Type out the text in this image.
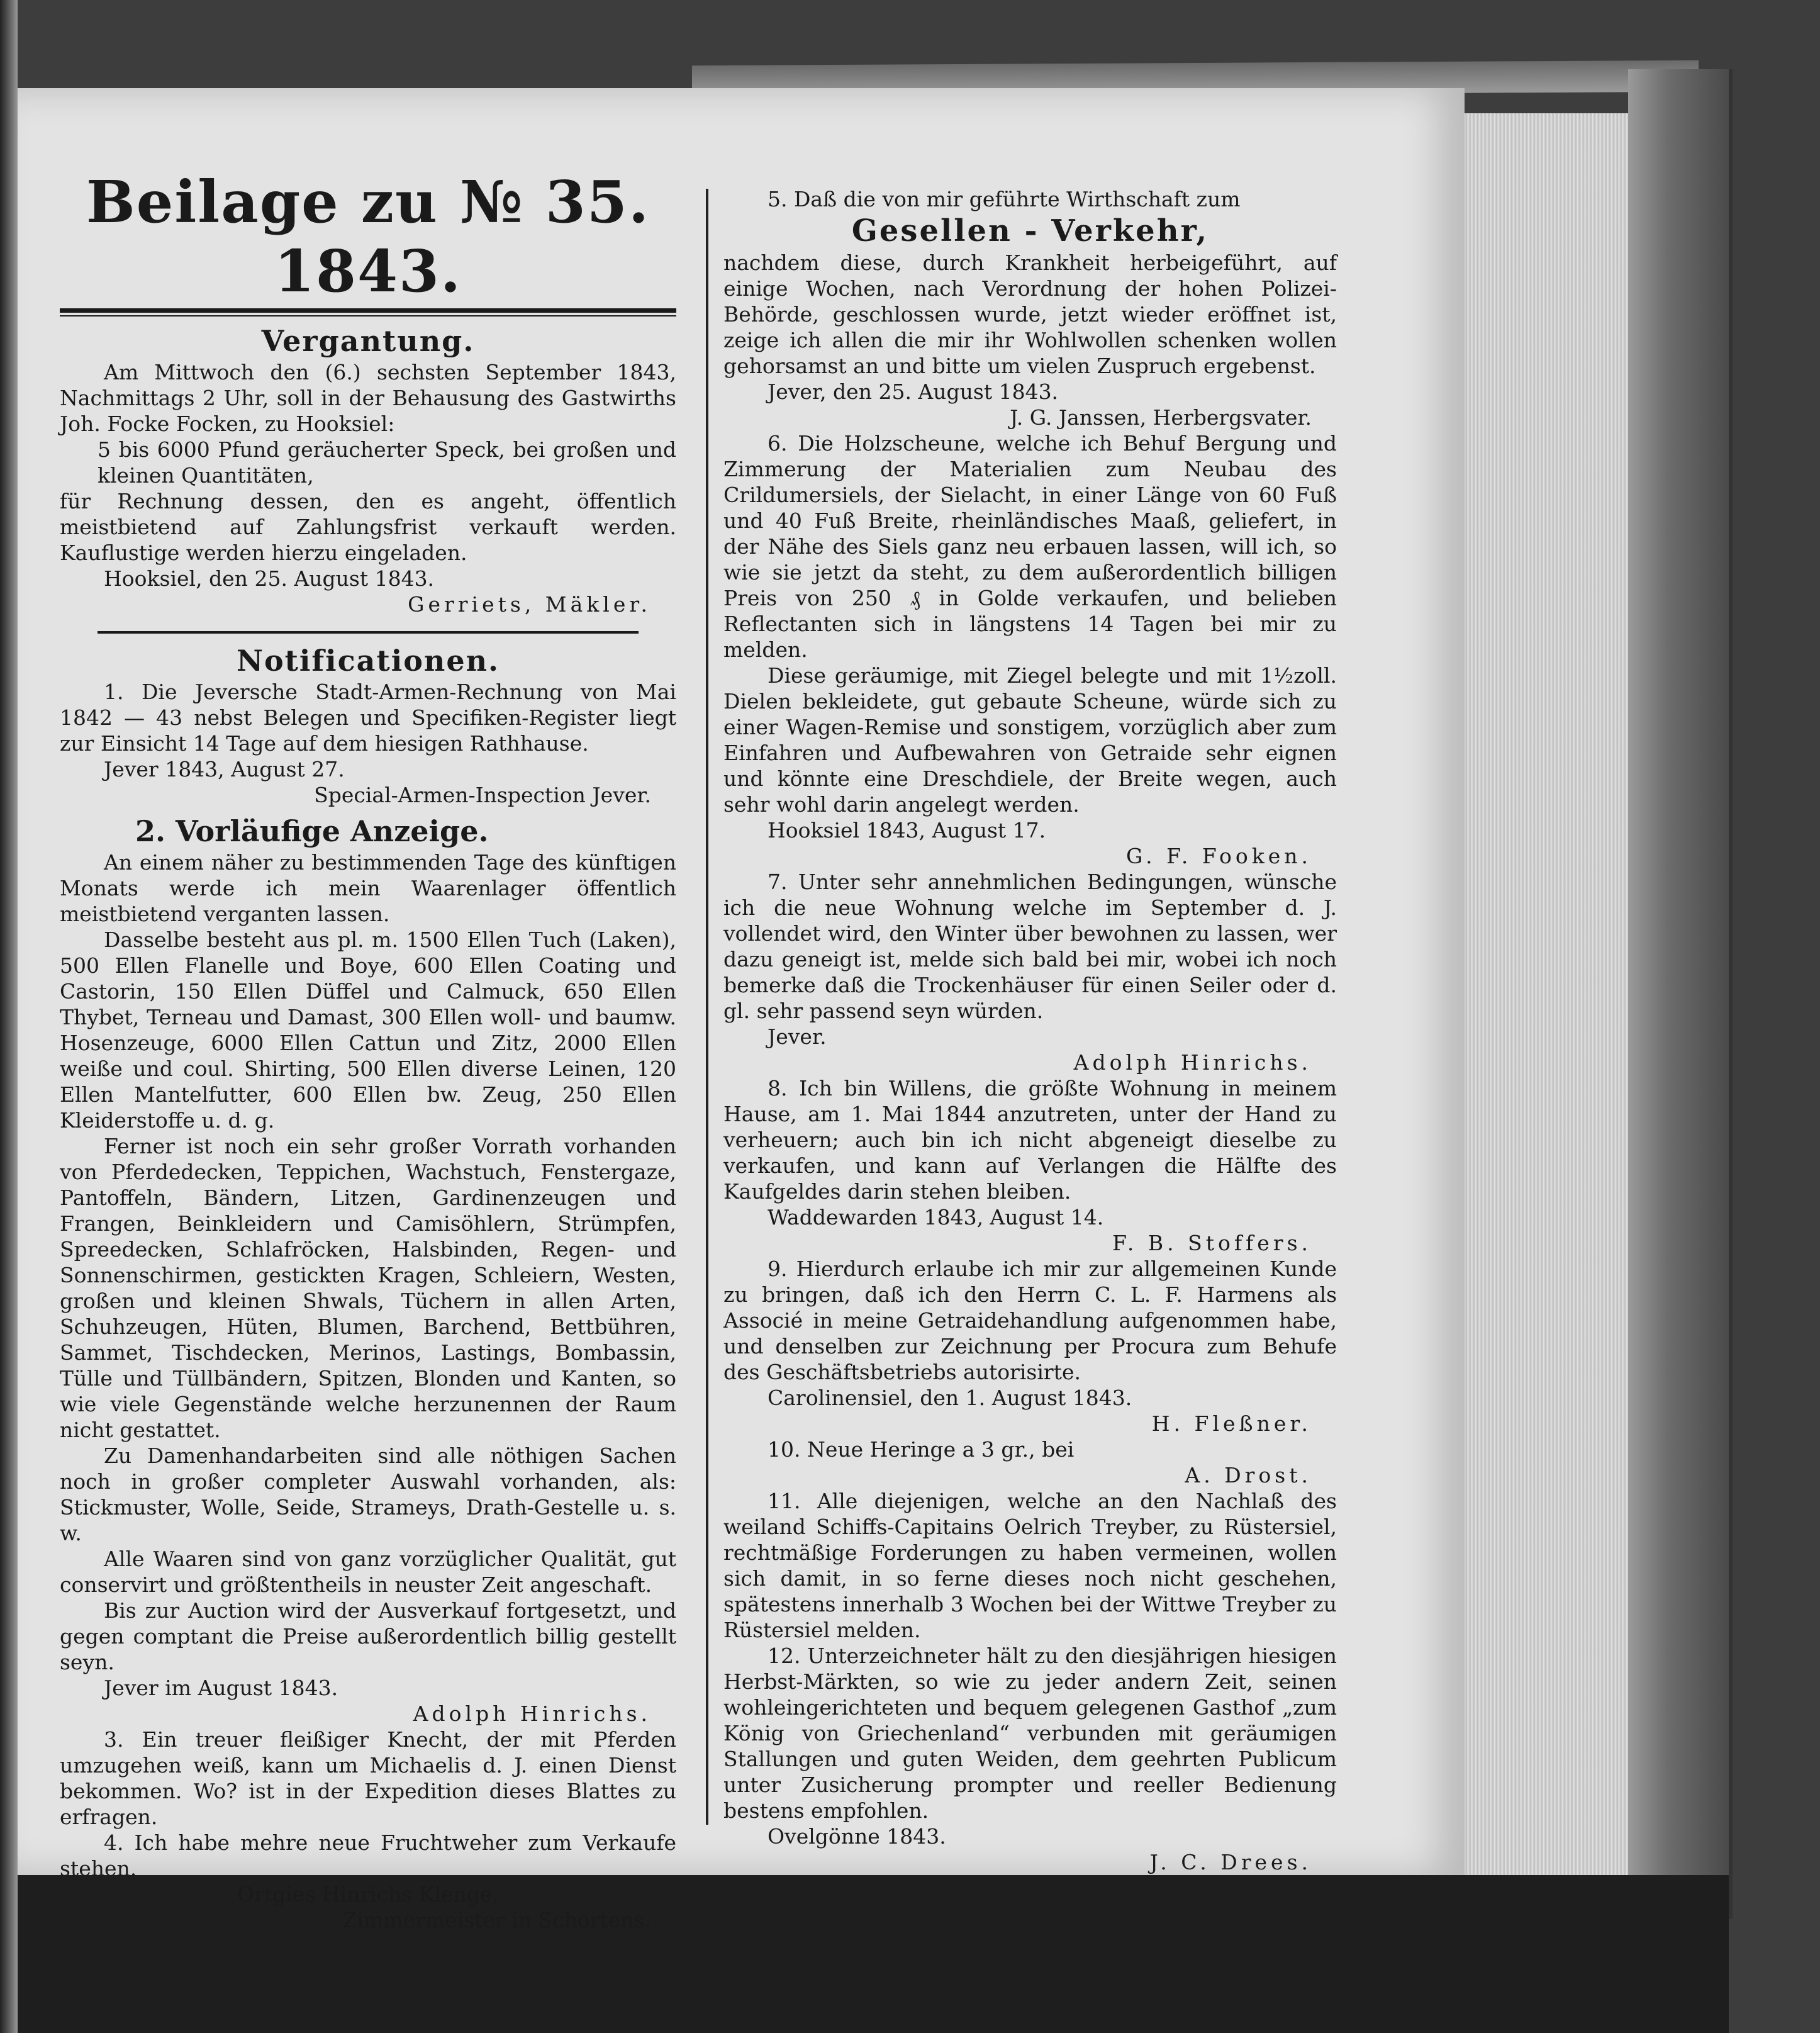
Beilage zu № 35. 1843.
Vergantung.

Am Mittwoch den (6.) sechsten September 1843, Nachmittags 2 Uhr, soll in der Behausung des Gastwirths Joh. Focke Focken, zu Hooksiel:

5 bis 6000 Pfund geräucherter Speck, bei großen und kleinen Quantitäten,

für Rechnung dessen, den es angeht, öffentlich meistbietend auf Zahlungsfrist verkauft werden. Kauflustige werden hierzu eingeladen.

Hooksiel, den 25. August 1843.

Gerriets, Mäkler.

Notificationen.

1. Die Jeversche Stadt-Armen-Rechnung von Mai 1842 — 43 nebst Belegen und Specifiken-Register liegt zur Einsicht 14 Tage auf dem hiesigen Rathhause.

Jever 1843, August 27.

Special-Armen-Inspection Jever.

2. Vorläufige Anzeige.

An einem näher zu bestimmenden Tage des künftigen Monats werde ich mein Waarenlager öffentlich meistbietend verganten lassen.

Dasselbe besteht aus pl. m. 1500 Ellen Tuch (Laken), 500 Ellen Flanelle und Boye, 600 Ellen Coating und Castorin, 150 Ellen Düffel und Calmuck, 650 Ellen Thybet, Terneau und Damast, 300 Ellen woll- und baumw. Hosenzeuge, 6000 Ellen Cattun und Zitz, 2000 Ellen weiße und coul. Shirting, 500 Ellen diverse Leinen, 120 Ellen Mantelfutter, 600 Ellen bw. Zeug, 250 Ellen Kleiderstoffe u. d. g.

Ferner ist noch ein sehr großer Vorrath vorhanden von Pferdedecken, Teppichen, Wachstuch, Fenstergaze, Pantoffeln, Bändern, Litzen, Gardinenzeugen und Frangen, Beinkleidern und Camisöhlern, Strümpfen, Spreedecken, Schlafröcken, Halsbinden, Regen- und Sonnenschirmen, gestickten Kragen, Schleiern, Westen, großen und kleinen Shwals, Tüchern in allen Arten, Schuhzeugen, Hüten, Blumen, Barchend, Bettbühren, Sammet, Tischdecken, Merinos, Lastings, Bombassin, Tülle und Tüllbändern, Spitzen, Blonden und Kanten, so wie viele Gegenstände welche herzunennen der Raum nicht gestattet.

Zu Damenhandarbeiten sind alle nöthigen Sachen noch in großer completer Auswahl vorhanden, als: Stickmuster, Wolle, Seide, Strameys, Drath-Gestelle u. s. w.

Alle Waaren sind von ganz vorzüglicher Qualität, gut conservirt und größtentheils in neuster Zeit angeschaft.

Bis zur Auction wird der Ausverkauf fortgesetzt, und gegen comptant die Preise außerordentlich billig gestellt seyn.

Jever im August 1843.

Adolph Hinrichs.

3. Ein treuer fleißiger Knecht, der mit Pferden umzugehen weiß, kann um Michaelis d. J. einen Dienst bekommen. Wo? ist in der Expedition dieses Blattes zu erfragen.

4. Ich habe mehre neue Fruchtweher zum Verkaufe stehen.

Ortgies Hinrichs Klenge,

Zimmermeister in Schortens.

5. Daß die von mir geführte Wirthschaft zum

Gesellen - Verkehr,

nachdem diese, durch Krankheit herbeigeführt, auf einige Wochen, nach Verordnung der hohen Polizei-Behörde, geschlossen wurde, jetzt wieder eröffnet ist, zeige ich allen die mir ihr Wohlwollen schenken wollen gehorsamst an und bitte um vielen Zuspruch ergebenst.

Jever, den 25. August 1843.

J. G. Janssen, Herbergsvater.

6. Die Holzscheune, welche ich Behuf Bergung und Zimmerung der Materialien zum Neubau des Crildumersiels, der Sielacht, in einer Länge von 60 Fuß und 40 Fuß Breite, rheinländisches Maaß, geliefert, in der Nähe des Siels ganz neu erbauen lassen, will ich, so wie sie jetzt da steht, zu dem außerordentlich billigen Preis von 250 ₰ in Golde verkaufen, und belieben Reflectanten sich in längstens 14 Tagen bei mir zu melden.

Diese geräumige, mit Ziegel belegte und mit 1½zoll. Dielen bekleidete, gut gebaute Scheune, würde sich zu einer Wagen-Remise und sonstigem, vorzüglich aber zum Einfahren und Aufbewahren von Getraide sehr eignen und könnte eine Dreschdiele, der Breite wegen, auch sehr wohl darin angelegt werden.

Hooksiel 1843, August 17.

G. F. Fooken.

7. Unter sehr annehmlichen Bedingungen, wünsche ich die neue Wohnung welche im September d. J. vollendet wird, den Winter über bewohnen zu lassen, wer dazu geneigt ist, melde sich bald bei mir, wobei ich noch bemerke daß die Trockenhäuser für einen Seiler oder d. gl. sehr passend seyn würden.

Jever.

Adolph Hinrichs.

8. Ich bin Willens, die größte Wohnung in meinem Hause, am 1. Mai 1844 anzutreten, unter der Hand zu verheuern; auch bin ich nicht abgeneigt dieselbe zu verkaufen, und kann auf Verlangen die Hälfte des Kaufgeldes darin stehen bleiben.

Waddewarden 1843, August 14.

F. B. Stoffers.

9. Hierdurch erlaube ich mir zur allgemeinen Kunde zu bringen, daß ich den Herrn C. L. F. Harmens als Associé in meine Getraidehandlung aufgenommen habe, und denselben zur Zeichnung per Procura zum Behufe des Geschäftsbetriebs autorisirte.

Carolinensiel, den 1. August 1843.

H. Fleßner.

10. Neue Heringe a 3 gr., bei

A. Drost.

11. Alle diejenigen, welche an den Nachlaß des weiland Schiffs-Capitains Oelrich Treyber, zu Rüstersiel, rechtmäßige Forderungen zu haben vermeinen, wollen sich damit, in so ferne dieses noch nicht geschehen, spätestens innerhalb 3 Wochen bei der Wittwe Treyber zu Rüstersiel melden.

12. Unterzeichneter hält zu den diesjährigen hiesigen Herbst-Märkten, so wie zu jeder andern Zeit, seinen wohleingerichteten und bequem gelegenen Gasthof „zum König von Griechenland“ verbunden mit geräumigen Stallungen und guten Weiden, dem geehrten Publicum unter Zusicherung prompter und reeller Bedienung bestens empfohlen.

Ovelgönne 1843.

J. C. Drees.
